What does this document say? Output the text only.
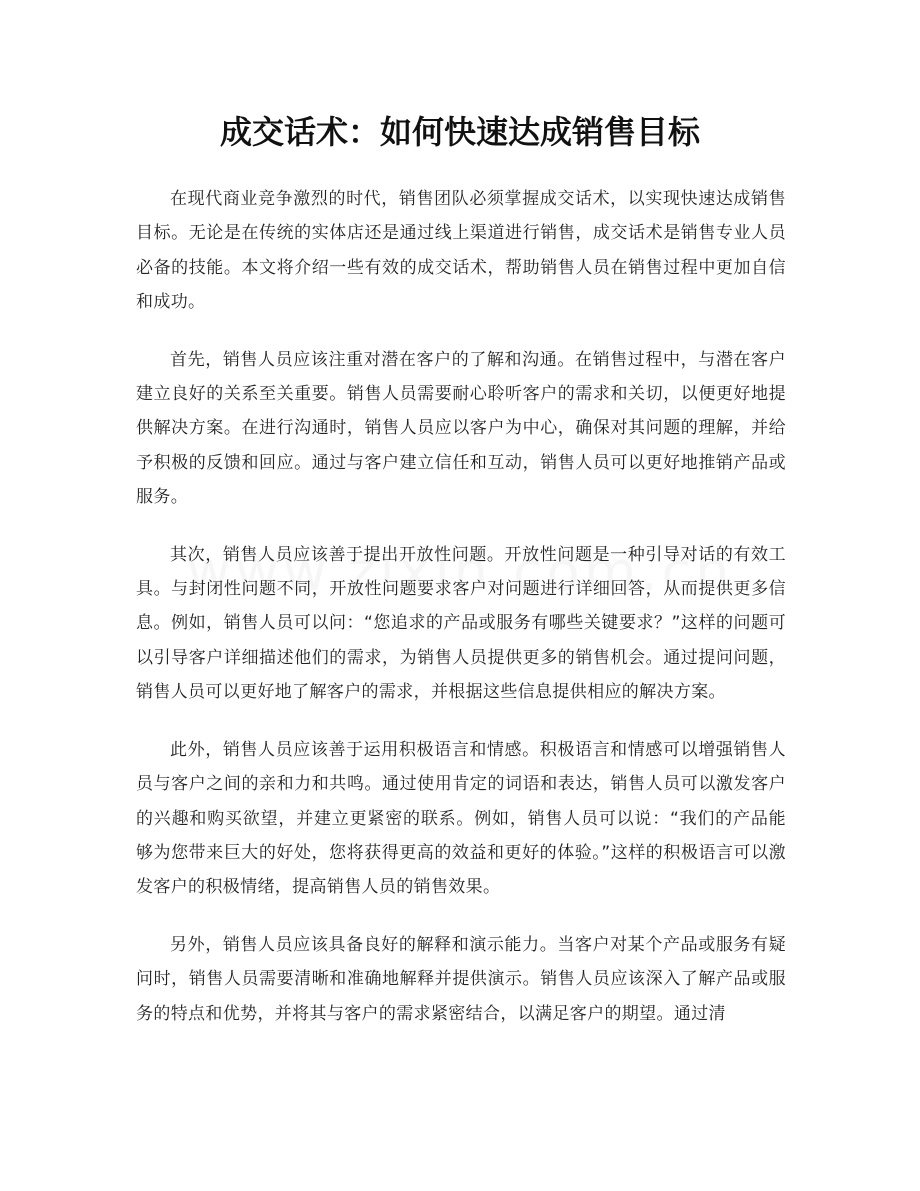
成交话术：如何快速达成销售目标

在现代商业竞争激烈的时代，销售团队必须掌握成交话术，以实现快速达成销售目标。无论是在传统的实体店还是通过线上渠道进行销售，成交话术是销售专业人员必备的技能。本文将介绍一些有效的成交话术，帮助销售人员在销售过程中更加自信和成功。

首先，销售人员应该注重对潜在客户的了解和沟通。在销售过程中，与潜在客户建立良好的关系至关重要。销售人员需要耐心聆听客户的需求和关切，以便更好地提供解决方案。在进行沟通时，销售人员应以客户为中心，确保对其问题的理解，并给予积极的反馈和回应。通过与客户建立信任和互动，销售人员可以更好地推销产品或服务。

其次，销售人员应该善于提出开放性问题。开放性问题是一种引导对话的有效工具。与封闭性问题不同，开放性问题要求客户对问题进行详细回答，从而提供更多信息。例如，销售人员可以问：“您追求的产品或服务有哪些关键要求？”这样的问题可以引导客户详细描述他们的需求，为销售人员提供更多的销售机会。通过提问问题，销售人员可以更好地了解客户的需求，并根据这些信息提供相应的解决方案。

此外，销售人员应该善于运用积极语言和情感。积极语言和情感可以增强销售人员与客户之间的亲和力和共鸣。通过使用肯定的词语和表达，销售人员可以激发客户的兴趣和购买欲望，并建立更紧密的联系。例如，销售人员可以说：“我们的产品能够为您带来巨大的好处，您将获得更高的效益和更好的体验。”这样的积极语言可以激发客户的积极情绪，提高销售人员的销售效果。

另外，销售人员应该具备良好的解释和演示能力。当客户对某个产品或服务有疑问时，销售人员需要清晰和准确地解释并提供演示。销售人员应该深入了解产品或服务的特点和优势，并将其与客户的需求紧密结合，以满足客户的期望。通过清
